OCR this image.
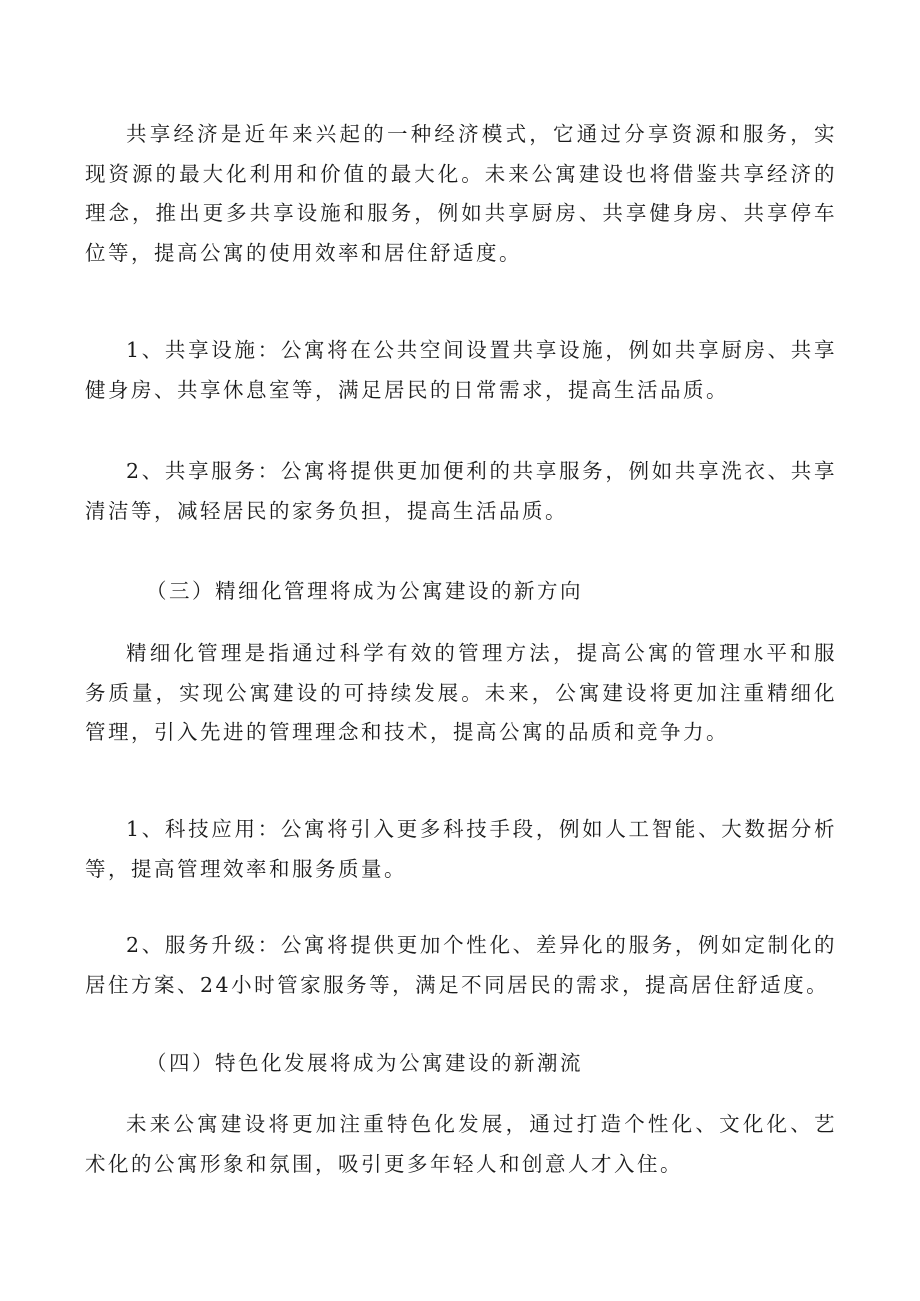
共享经济是近年来兴起的一种经济模式，它通过分享资源和服务，实现资源的最大化利用和价值的最大化。未来公寓建设也将借鉴共享经济的理念，推出更多共享设施和服务，例如共享厨房、共享健身房、共享停车位等，提高公寓的使用效率和居住舒适度。

1、共享设施：公寓将在公共空间设置共享设施，例如共享厨房、共享健身房、共享休息室等，满足居民的日常需求，提高生活品质。

2、共享服务：公寓将提供更加便利的共享服务，例如共享洗衣、共享清洁等，减轻居民的家务负担，提高生活品质。

（三）精细化管理将成为公寓建设的新方向

精细化管理是指通过科学有效的管理方法，提高公寓的管理水平和服务质量，实现公寓建设的可持续发展。未来，公寓建设将更加注重精细化管理，引入先进的管理理念和技术，提高公寓的品质和竞争力。

1、科技应用：公寓将引入更多科技手段，例如人工智能、大数据分析等，提高管理效率和服务质量。

2、服务升级：公寓将提供更加个性化、差异化的服务，例如定制化的居住方案、24小时管家服务等，满足不同居民的需求，提高居住舒适度。

（四）特色化发展将成为公寓建设的新潮流

未来公寓建设将更加注重特色化发展，通过打造个性化、文化化、艺术化的公寓形象和氛围，吸引更多年轻人和创意人才入住。
